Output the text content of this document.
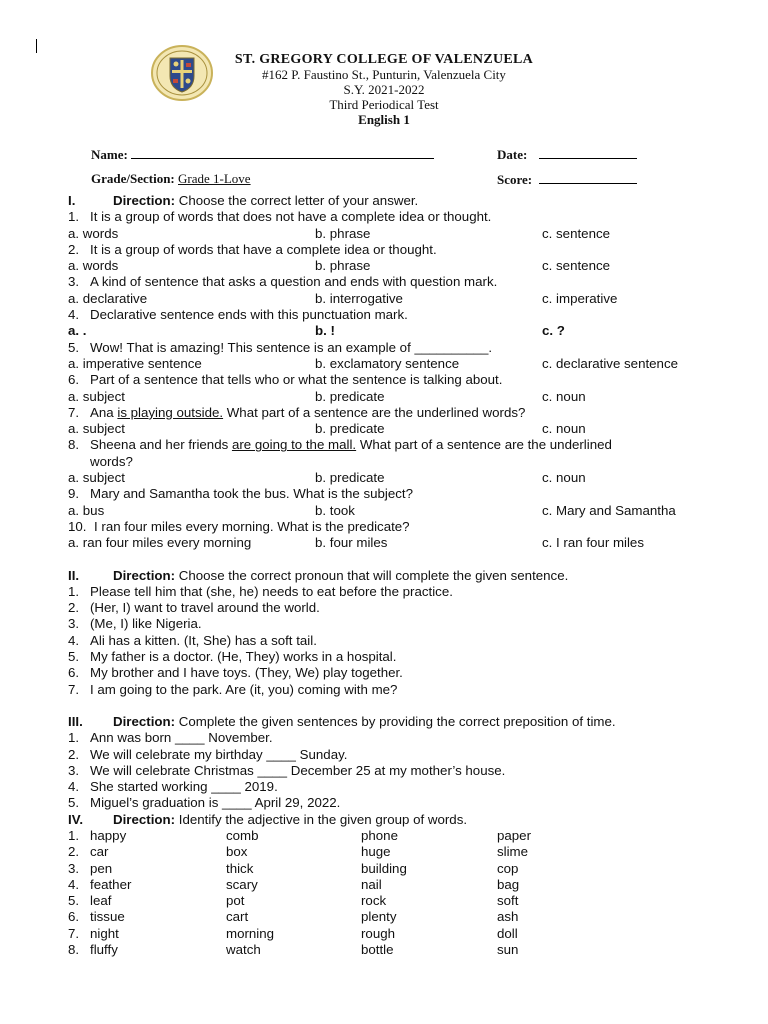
ST. GREGORY COLLEGE OF VALENZUELA
#162 P. Faustino St., Punturin, Valenzuela City
S.Y. 2021-2022
Third Periodical Test
English 1
Name:	Date:
Grade/Section: Grade 1-Love	Score:
I.	Direction: Choose the correct letter of your answer.
1. It is a group of words that does not have a complete idea or thought.
a. words	b. phrase	c. sentence
2. It is a group of words that have a complete idea or thought.
a. words	b. phrase	c. sentence
3. A kind of sentence that asks a question and ends with question mark.
a. declarative	b. interrogative	c. imperative
4. Declarative sentence ends with this punctuation mark.
a. .	b. !	c. ?
5. Wow! That is amazing! This sentence is an example of __________.
a. imperative sentence	b. exclamatory sentence	c. declarative sentence
6. Part of a sentence that tells who or what the sentence is talking about.
a. subject	b. predicate	c. noun
7. Ana is playing outside. What part of a sentence are the underlined words?
a. subject	b. predicate	c. noun
8. Sheena and her friends are going to the mall. What part of a sentence are the underlined
words?
a. subject	b. predicate	c. noun
9. Mary and Samantha took the bus. What is the subject?
a. bus	b. took	c. Mary and Samantha
10. I ran four miles every morning. What is the predicate?
a. ran four miles every morning	b. four miles	c. I ran four miles
II.	Direction: Choose the correct pronoun that will complete the given sentence.
1. Please tell him that (she, he) needs to eat before the practice.
2. (Her, I) want to travel around the world.
3. (Me, I) like Nigeria.
4. Ali has a kitten. (It, She) has a soft tail.
5. My father is a doctor. (He, They) works in a hospital.
6. My brother and I have toys. (They, We) play together.
7. I am going to the park. Are (it, you) coming with me?
III. Direction: Complete the given sentences by providing the correct preposition of time.
1. Ann was born ____ November.
2. We will celebrate my birthday ____ Sunday.
3. We will celebrate Christmas ____ December 25 at my mother’s house.
4. She started working ____ 2019.
5. Miguel’s graduation is ____ April 29, 2022.
IV. Direction: Identify the adjective in the given group of words.
1. happy	comb	phone	paper
2. car	box	huge	slime
3. pen	thick	building	cop
4. feather	scary	nail	bag
5. leaf	pot	rock	soft
6. tissue	cart	plenty	ash
7. night	morning	rough	doll
8. fluffy	watch	bottle	sun
